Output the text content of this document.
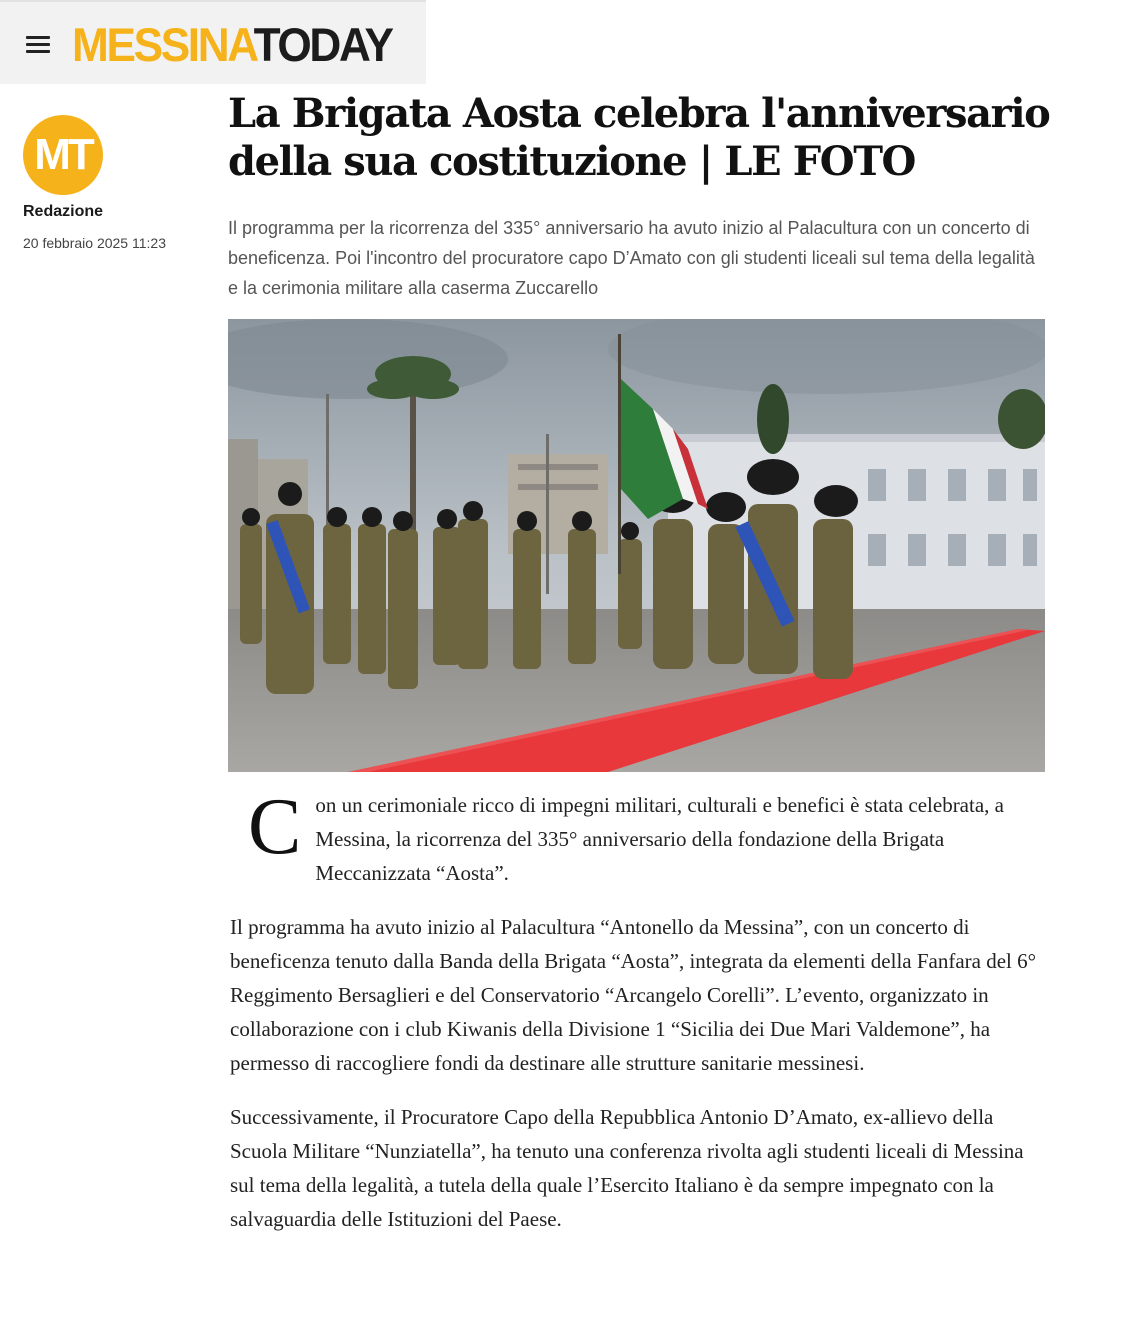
MESSINATODAY
MT
Redazione
20 febbraio 2025 11:23
La Brigata Aosta celebra l'anniversario della sua costituzione | LE FOTO

Il programma per la ricorrenza del 335° anniversario ha avuto inizio al Palacultura con un concerto di beneficenza. Poi l'incontro del procuratore capo D’Amato con gli studenti liceali sul tema della legalità e la cerimonia militare alla caserma Zuccarello

Con un cerimoniale ricco di impegni militari, culturali e benefici è stata celebrata, a Messina, la ricorrenza del 335° anniversario della fondazione della Brigata Meccanizzata “Aosta”.

Il programma ha avuto inizio al Palacultura “Antonello da Messina”, con un concerto di beneficenza tenuto dalla Banda della Brigata “Aosta”, integrata da elementi della Fanfara del 6° Reggimento Bersaglieri e del Conservatorio “Arcangelo Corelli”. L’evento, organizzato in collaborazione con i club Kiwanis della Divisione 1 “Sicilia dei Due Mari Valdemone”, ha permesso di raccogliere fondi da destinare alle strutture sanitarie messinesi.

Successivamente, il Procuratore Capo della Repubblica Antonio D’Amato, ex-allievo della Scuola Militare “Nunziatella”, ha tenuto una conferenza rivolta agli studenti liceali di Messina sul tema della legalità, a tutela della quale l’Esercito Italiano è da sempre impegnato con la salvaguardia delle Istituzioni del Paese.
